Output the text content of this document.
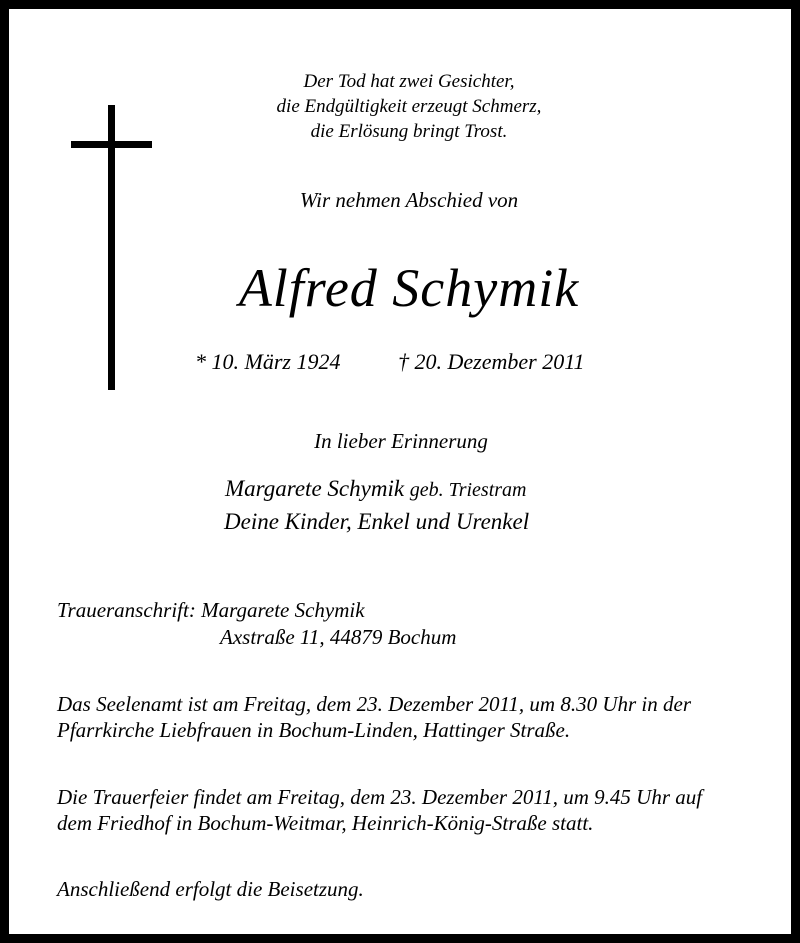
Der Tod hat zwei Gesichter,
die Endgültigkeit erzeugt Schmerz,
die Erlösung bringt Trost.
Wir nehmen Abschied von
Alfred Schymik
* 10. März 1924	† 20. Dezember 2011
In lieber Erinnerung
Margarete Schymik geb. Triestram
Deine Kinder, Enkel und Urenkel
Traueranschrift: Margarete Schymik
Axstraße 11, 44879 Bochum
Das Seelenamt ist am Freitag, dem 23. Dezember 2011, um 8.30 Uhr in der Pfarrkirche Liebfrauen in Bochum-Linden, Hattinger Straße.
Die Trauerfeier findet am Freitag, dem 23. Dezember 2011, um 9.45 Uhr auf dem Friedhof in Bochum-Weitmar, Heinrich-König-Straße statt.
Anschließend erfolgt die Beisetzung.
